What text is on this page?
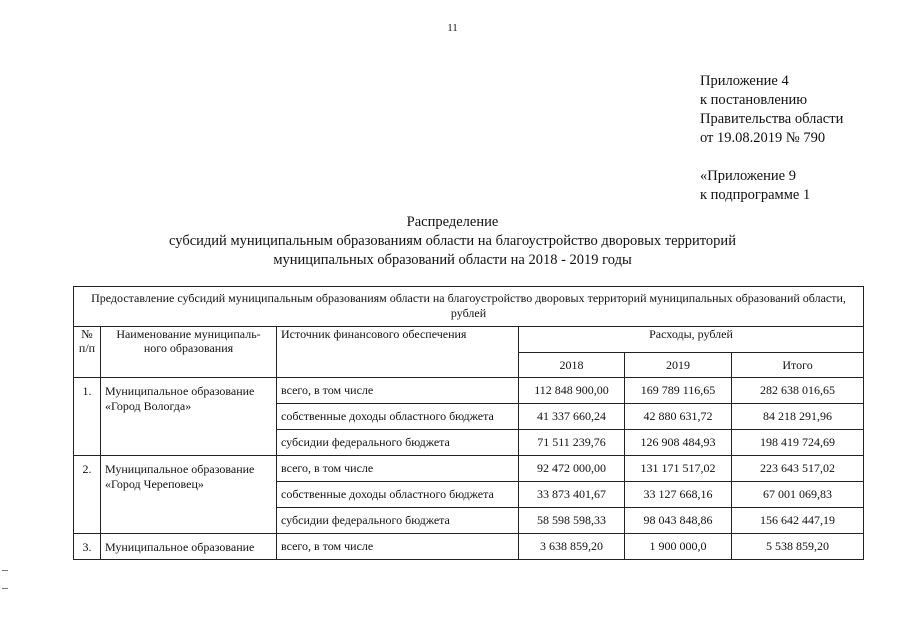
11
Приложение 4
к постановлению
Правительства области
от 19.08.2019 № 790
«Приложение 9
к подпрограмме 1
Распределение
субсидий муниципальным образованиям области на благоустройство дворовых территорий
муниципальных образований области на 2018 - 2019 годы
Предоставление субсидий муниципальным образованиям области на благоустройство дворовых территорий муниципальных образований области, рублей					
№ п/п	Наименование муниципаль-ного образования	Источник финансового обеспечения	Расходы, рублей		
			2018	2019	Итого
1.	Муниципальное образование «Город Вологда»	всего, в том числе	112 848 900,00	169 789 116,65	282 638 016,65
		собственные доходы областного бюджета	41 337 660,24	42 880 631,72	84 218 291,96
		субсидии федерального бюджета	71 511 239,76	126 908 484,93	198 419 724,69
2.	Муниципальное образование «Город Череповец»	всего, в том числе	92 472 000,00	131 171 517,02	223 643 517,02
		собственные доходы областного бюджета	33 873 401,67	33 127 668,16	67 001 069,83
		субсидии федерального бюджета	58 598 598,33	98 043 848,86	156 642 447,19
3.	Муниципальное образование	всего, в том числе	3 638 859,20	1 900 000,0	5 538 859,20
